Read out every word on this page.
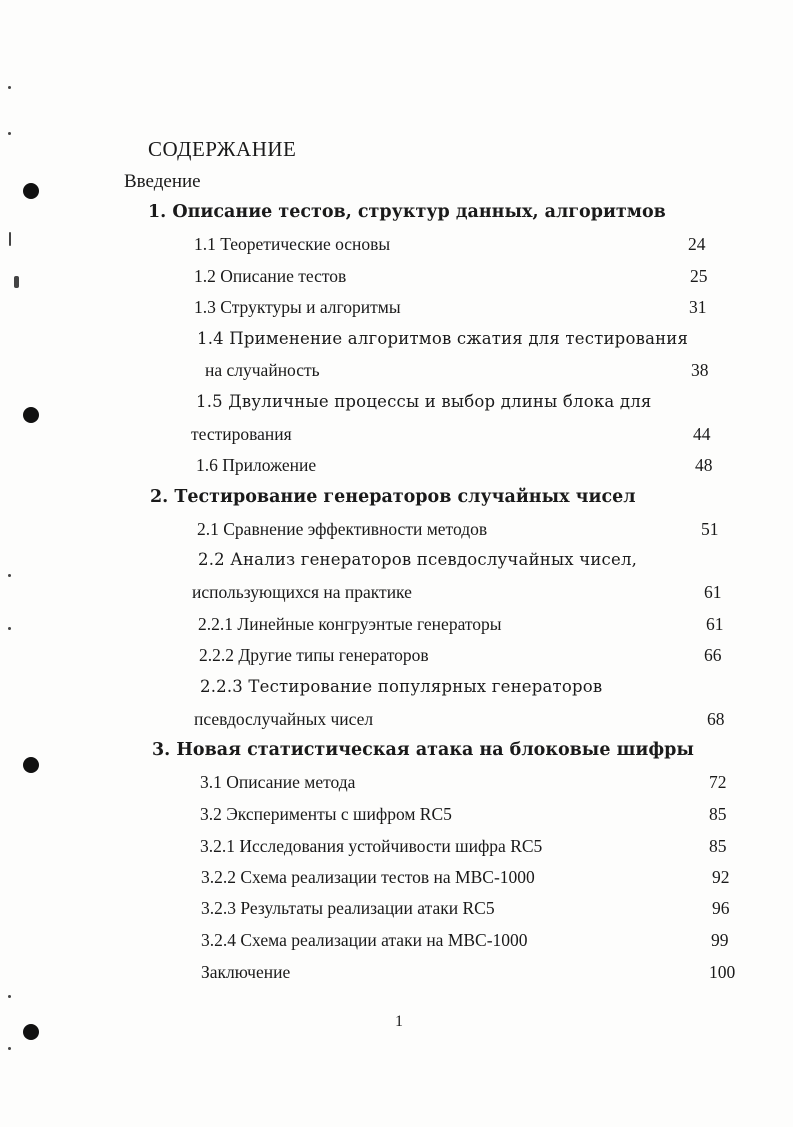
СОДЕРЖАНИЕ
Введение
1. Описание тестов, структур данных, алгоритмов
1.1 Теоретические основы	24
1.2 Описание тестов	25
1.3 Структуры и алгоритмы	31
1.4 Применение алгоритмов сжатия для тестирования
на случайность	38
1.5 Двуличные процессы и выбор длины блока для
тестирования	44
1.6 Приложение	48
2. Тестирование генераторов случайных чисел
2.1 Сравнение эффективности методов	51
2.2 Анализ генераторов псевдослучайных чисел,
использующихся на практике	61
2.2.1 Линейные конгруэнтые генераторы	61
2.2.2 Другие типы генераторов	66
2.2.3 Тестирование популярных генераторов
псевдослучайных чисел	68
3. Новая статистическая атака на блоковые шифры
3.1 Описание метода	72
3.2 Эксперименты с шифром RC5	85
3.2.1 Исследования устойчивости шифра RC5	85
3.2.2 Схема реализации тестов на МВС-1000	92
3.2.3 Результаты реализации атаки RC5	96
3.2.4 Схема реализации атаки на МВС-1000	99
Заключение	100
1
